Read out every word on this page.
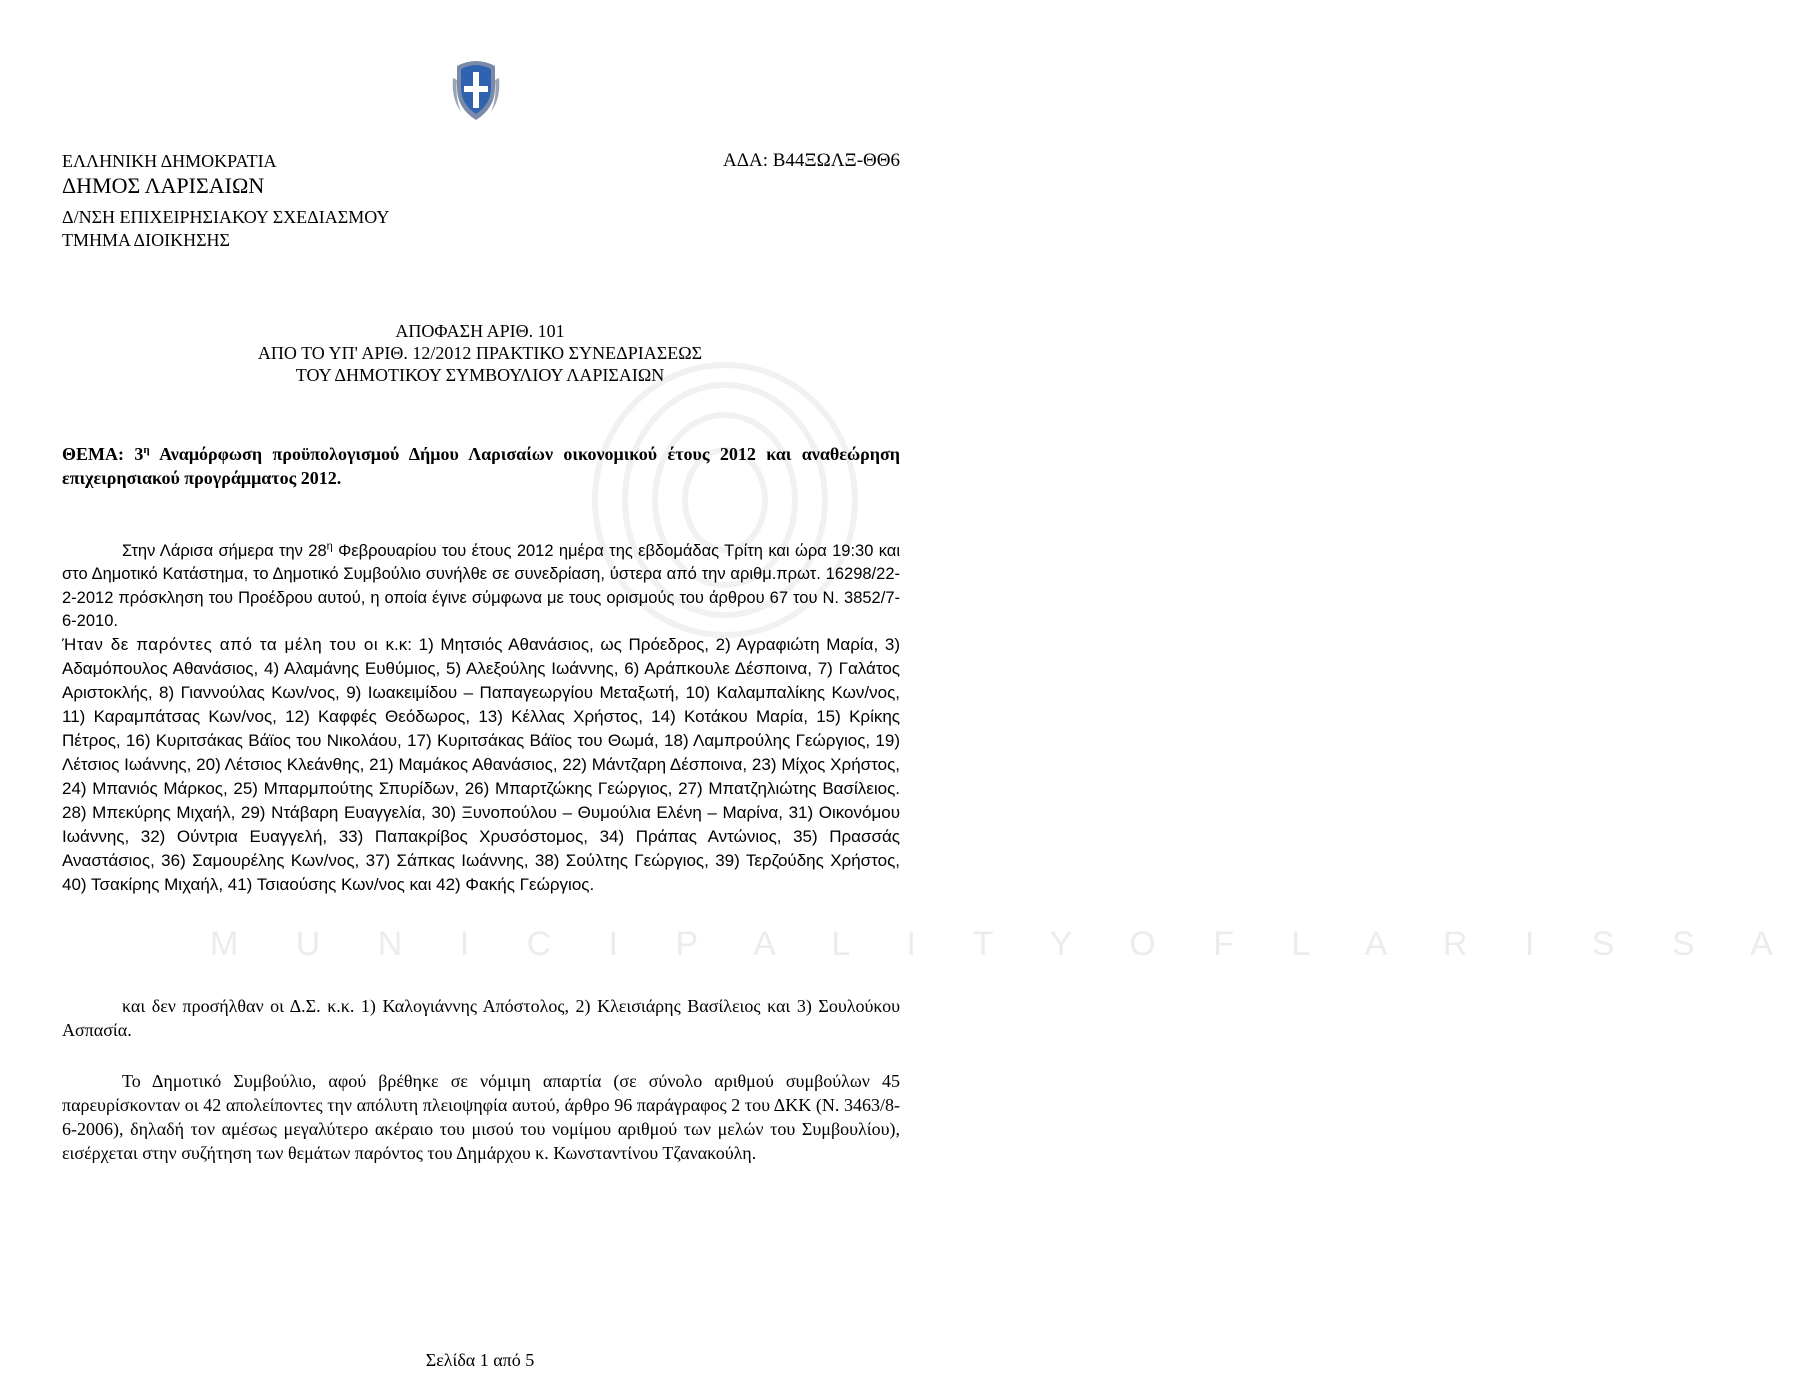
ΕΛΛΗΝΙΚΗ ΔΗΜΟΚΡΑΤΙΑ
ΔΗΜΟΣ ΛΑΡΙΣΑΙΩΝ
Δ/ΝΣΗ ΕΠΙΧΕΙΡΗΣΙΑΚΟΥ ΣΧΕΔΙΑΣΜΟΥ
ΤΜΗΜΑ ΔΙΟΙΚΗΣΗΣ
ΑΔΑ: Β44ΞΩΛΞ-ΘΘ6
ΑΠΟΦΑΣΗ ΑΡΙΘ. 101
ΑΠΟ ΤΟ ΥΠ' ΑΡΙΘ. 12/2012 ΠΡΑΚΤΙΚΟ ΣΥΝΕΔΡΙΑΣΕΩΣ
ΤΟΥ ΔΗΜΟΤΙΚΟΥ ΣΥΜΒΟΥΛΙΟΥ ΛΑΡΙΣΑΙΩΝ
ΘΕΜΑ: $3^\eta$ Αναμόρφωση προϋπολογισμού Δήμου Λαρισαίων οικονομικού έτους 2012 και αναθεώρηση επιχειρησιακού προγράμματος 2012.

Στην Λάρισα σήμερα την $28^\eta$ Φεβρουαρίου του έτους 2012 ημέρα της εβδομάδας Τρίτη και ώρα 19:30 και στο Δημοτικό Κατάστημα, το Δημοτικό Συμβούλιο συνήλθε σε συνεδρίαση, ύστερα από την αριθμ.πρωτ. 16298/22-2-2012 πρόσκληση του Προέδρου αυτού, η οποία έγινε σύμφωνα με τους ορισμούς του άρθρου 67 του Ν. 3852/7-6-2010.

Ήταν δε παρόντες από τα μέλη του οι κ.κ: 1) Μητσιός Αθανάσιος, ως Πρόεδρος, 2) Αγραφιώτη Μαρία, 3) Αδαμόπουλος Αθανάσιος, 4) Αλαμάνης Ευθύμιος, 5) Αλεξούλης Ιωάννης, 6) Αράπκουλε Δέσποινα, 7) Γαλάτος Αριστοκλής, 8) Γιαννούλας Κων/νος, 9) Ιωακειμίδου – Παπαγεωργίου Μεταξωτή, 10) Καλαμπαλίκης Κων/νος, 11) Καραμπάτσας Κων/νος, 12) Καφφές Θεόδωρος, 13) Κέλλας Χρήστος, 14) Κοτάκου Μαρία, 15) Κρίκης Πέτρος, 16) Κυριτσάκας Βάϊος του Νικολάου, 17) Κυριτσάκας Βάϊος του Θωμά, 18) Λαμπρούλης Γεώργιος, 19) Λέτσιος Ιωάννης, 20) Λέτσιος Κλεάνθης, 21) Μαμάκος Αθανάσιος, 22) Μάντζαρη Δέσποινα, 23) Μίχος Χρήστος, 24) Μπανιός Μάρκος, 25) Μπαρμπούτης Σπυρίδων, 26) Μπαρτζώκης Γεώργιος, 27) Μπατζηλιώτης Βασίλειος. 28) Μπεκύρης Μιχαήλ, 29) Ντάβαρη Ευαγγελία, 30) Ξυνοπούλου – Θυμούλια Ελένη – Μαρίνα, 31) Οικονόμου Ιωάννης, 32) Ούντρια Ευαγγελή, 33) Παπακρίβος Χρυσόστομος, 34) Πράπας Αντώνιος, 35) Πρασσάς Αναστάσιος, 36) Σαμουρέλης Κων/νος, 37) Σάπκας Ιωάννης, 38) Σούλτης Γεώργιος, 39) Τερζούδης Χρήστος, 40) Τσακίρης Μιχαήλ, 41) Τσιαούσης Κων/νος και 42) Φακής Γεώργιος.

M U N I C I P A L I T Y O F L A R I S S A

και δεν προσήλθαν οι Δ.Σ. κ.κ. 1) Καλογιάννης Απόστολος, 2) Κλεισιάρης Βασίλειος και 3) Σουλούκου Ασπασία.

Το Δημοτικό Συμβούλιο, αφού βρέθηκε σε νόμιμη απαρτία (σε σύνολο αριθμού συμβούλων 45 παρευρίσκονταν οι 42 απολείποντες την απόλυτη πλειοψηφία αυτού, άρθρο 96 παράγραφος 2 του ΔΚΚ (Ν. 3463/8-6-2006), δηλαδή τον αμέσως μεγαλύτερο ακέραιο του μισού του νομίμου αριθμού των μελών του Συμβουλίου), εισέρχεται στην συζήτηση των θεμάτων παρόντος του Δημάρχου κ. Κωνσταντίνου Τζανακούλη.

Σελίδα 1 από 5
